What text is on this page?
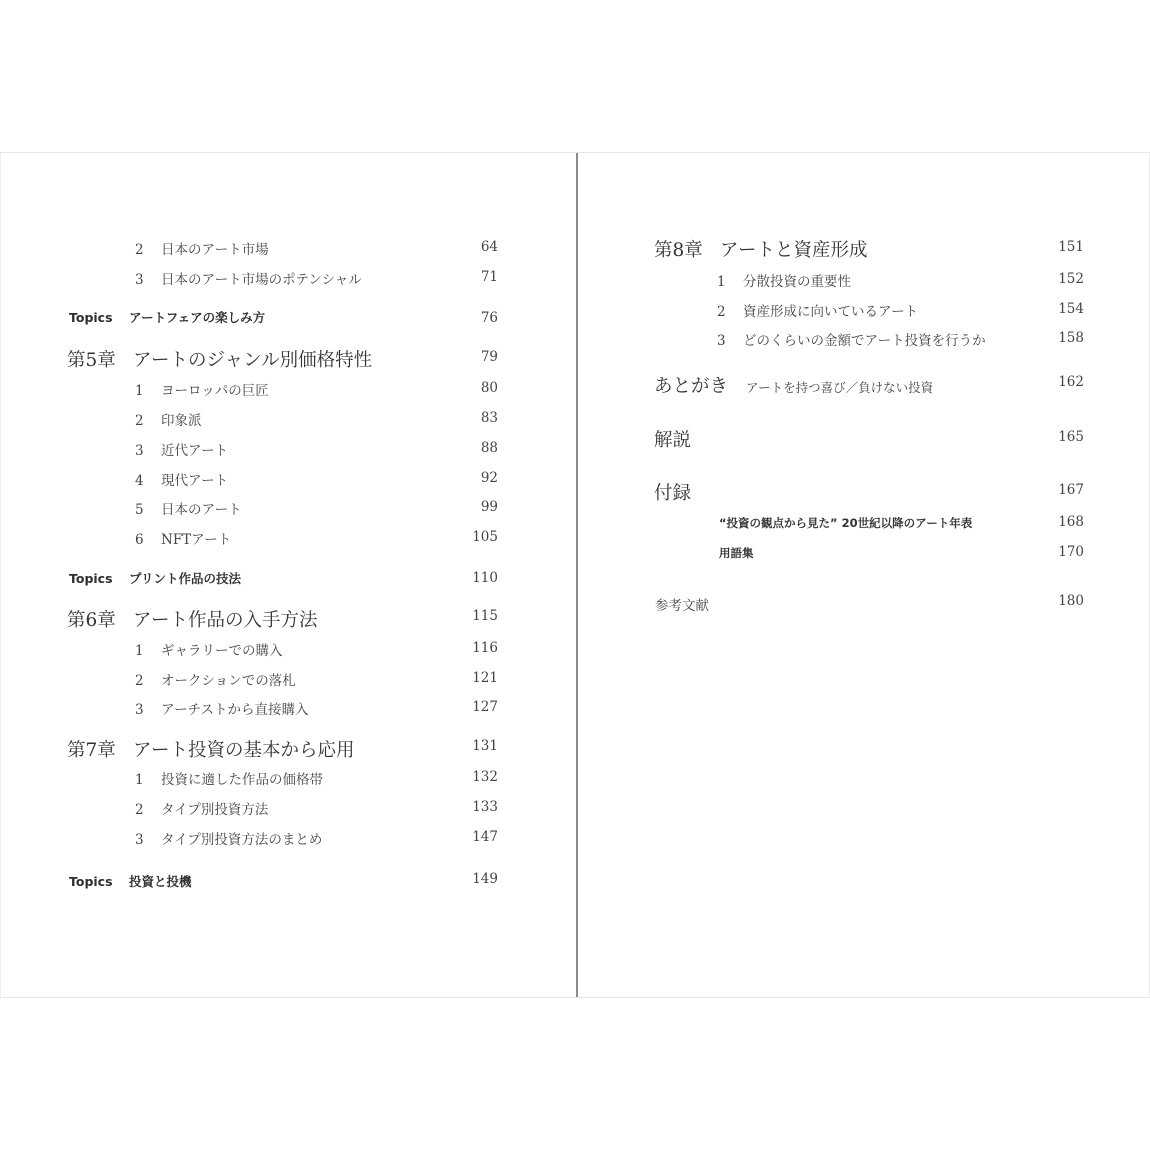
2 日本のアート市場	64
3 日本のアート市場のポテンシャル	71
Topics アートフェアの楽しみ方	76
第5章 アートのジャンル別価格特性	79
1 ヨーロッパの巨匠	80
2 印象派	83
3 近代アート	88
4 現代アート	92
5 日本のアート	99
6 NFTアート	105
Topics プリント作品の技法	110
第6章 アート作品の入手方法	115
1 ギャラリーでの購入	116
2 オークションでの落札	121
3 アーチストから直接購入	127
第7章 アート投資の基本から応用	131
1 投資に適した作品の価格帯	132
2 タイプ別投資方法	133
3 タイプ別投資方法のまとめ	147
Topics 投資と投機	149
第8章 アートと資産形成	151
1 分散投資の重要性	152
2 資産形成に向いているアート	154
3 どのくらいの金額でアート投資を行うか	158
あとがき アートを持つ喜び／負けない投資	162
解説	165
付録	167
“投資の観点から見た” 20世紀以降のアート年表	168
用語集	170
参考文献	180
